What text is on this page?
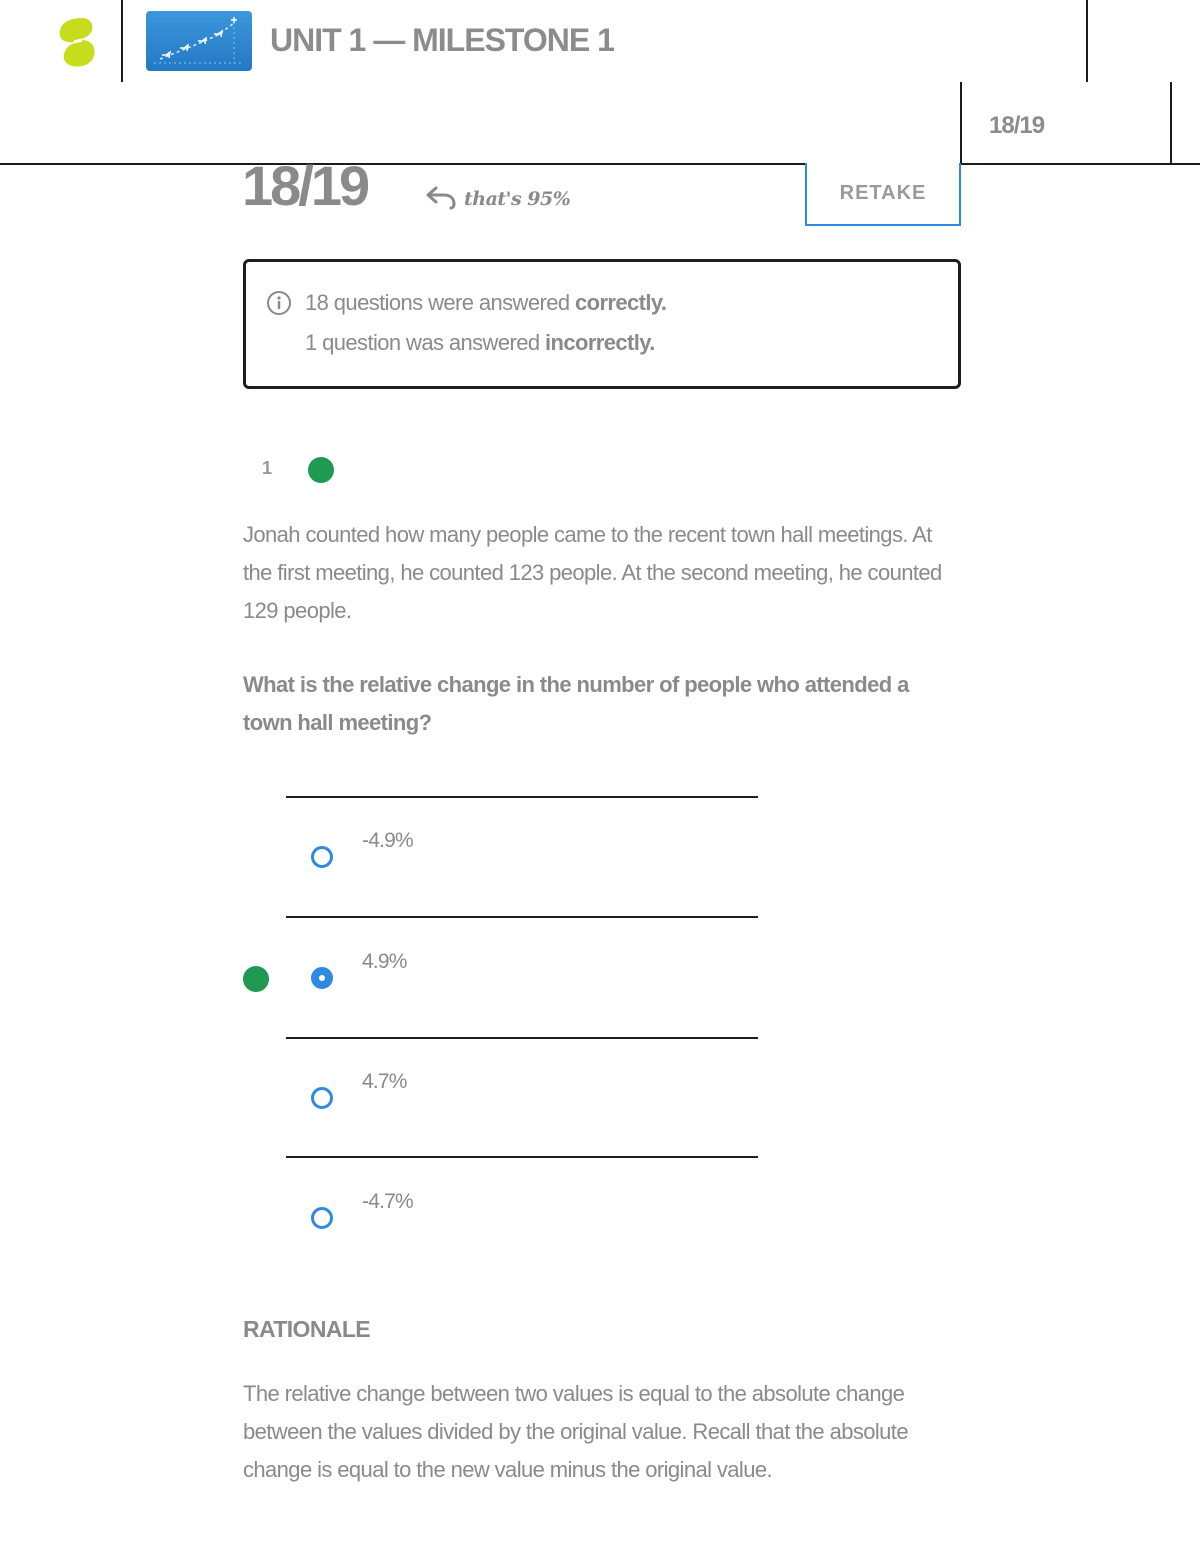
UNIT 1 — MILESTONE 1
18/19
18/19	that's 95%	RETAKE
18 questions were answered correctly.
1 question was answered incorrectly.
1
Jonah counted how many people came to the recent town hall meetings. At the first meeting, he counted 123 people. At the second meeting, he counted 129 people.
What is the relative change in the number of people who attended a town hall meeting?
-4.9%
4.9%
4.7%
-4.7%
RATIONALE
The relative change between two values is equal to the absolute change between the values divided by the original value. Recall that the absolute change is equal to the new value minus the original value.
